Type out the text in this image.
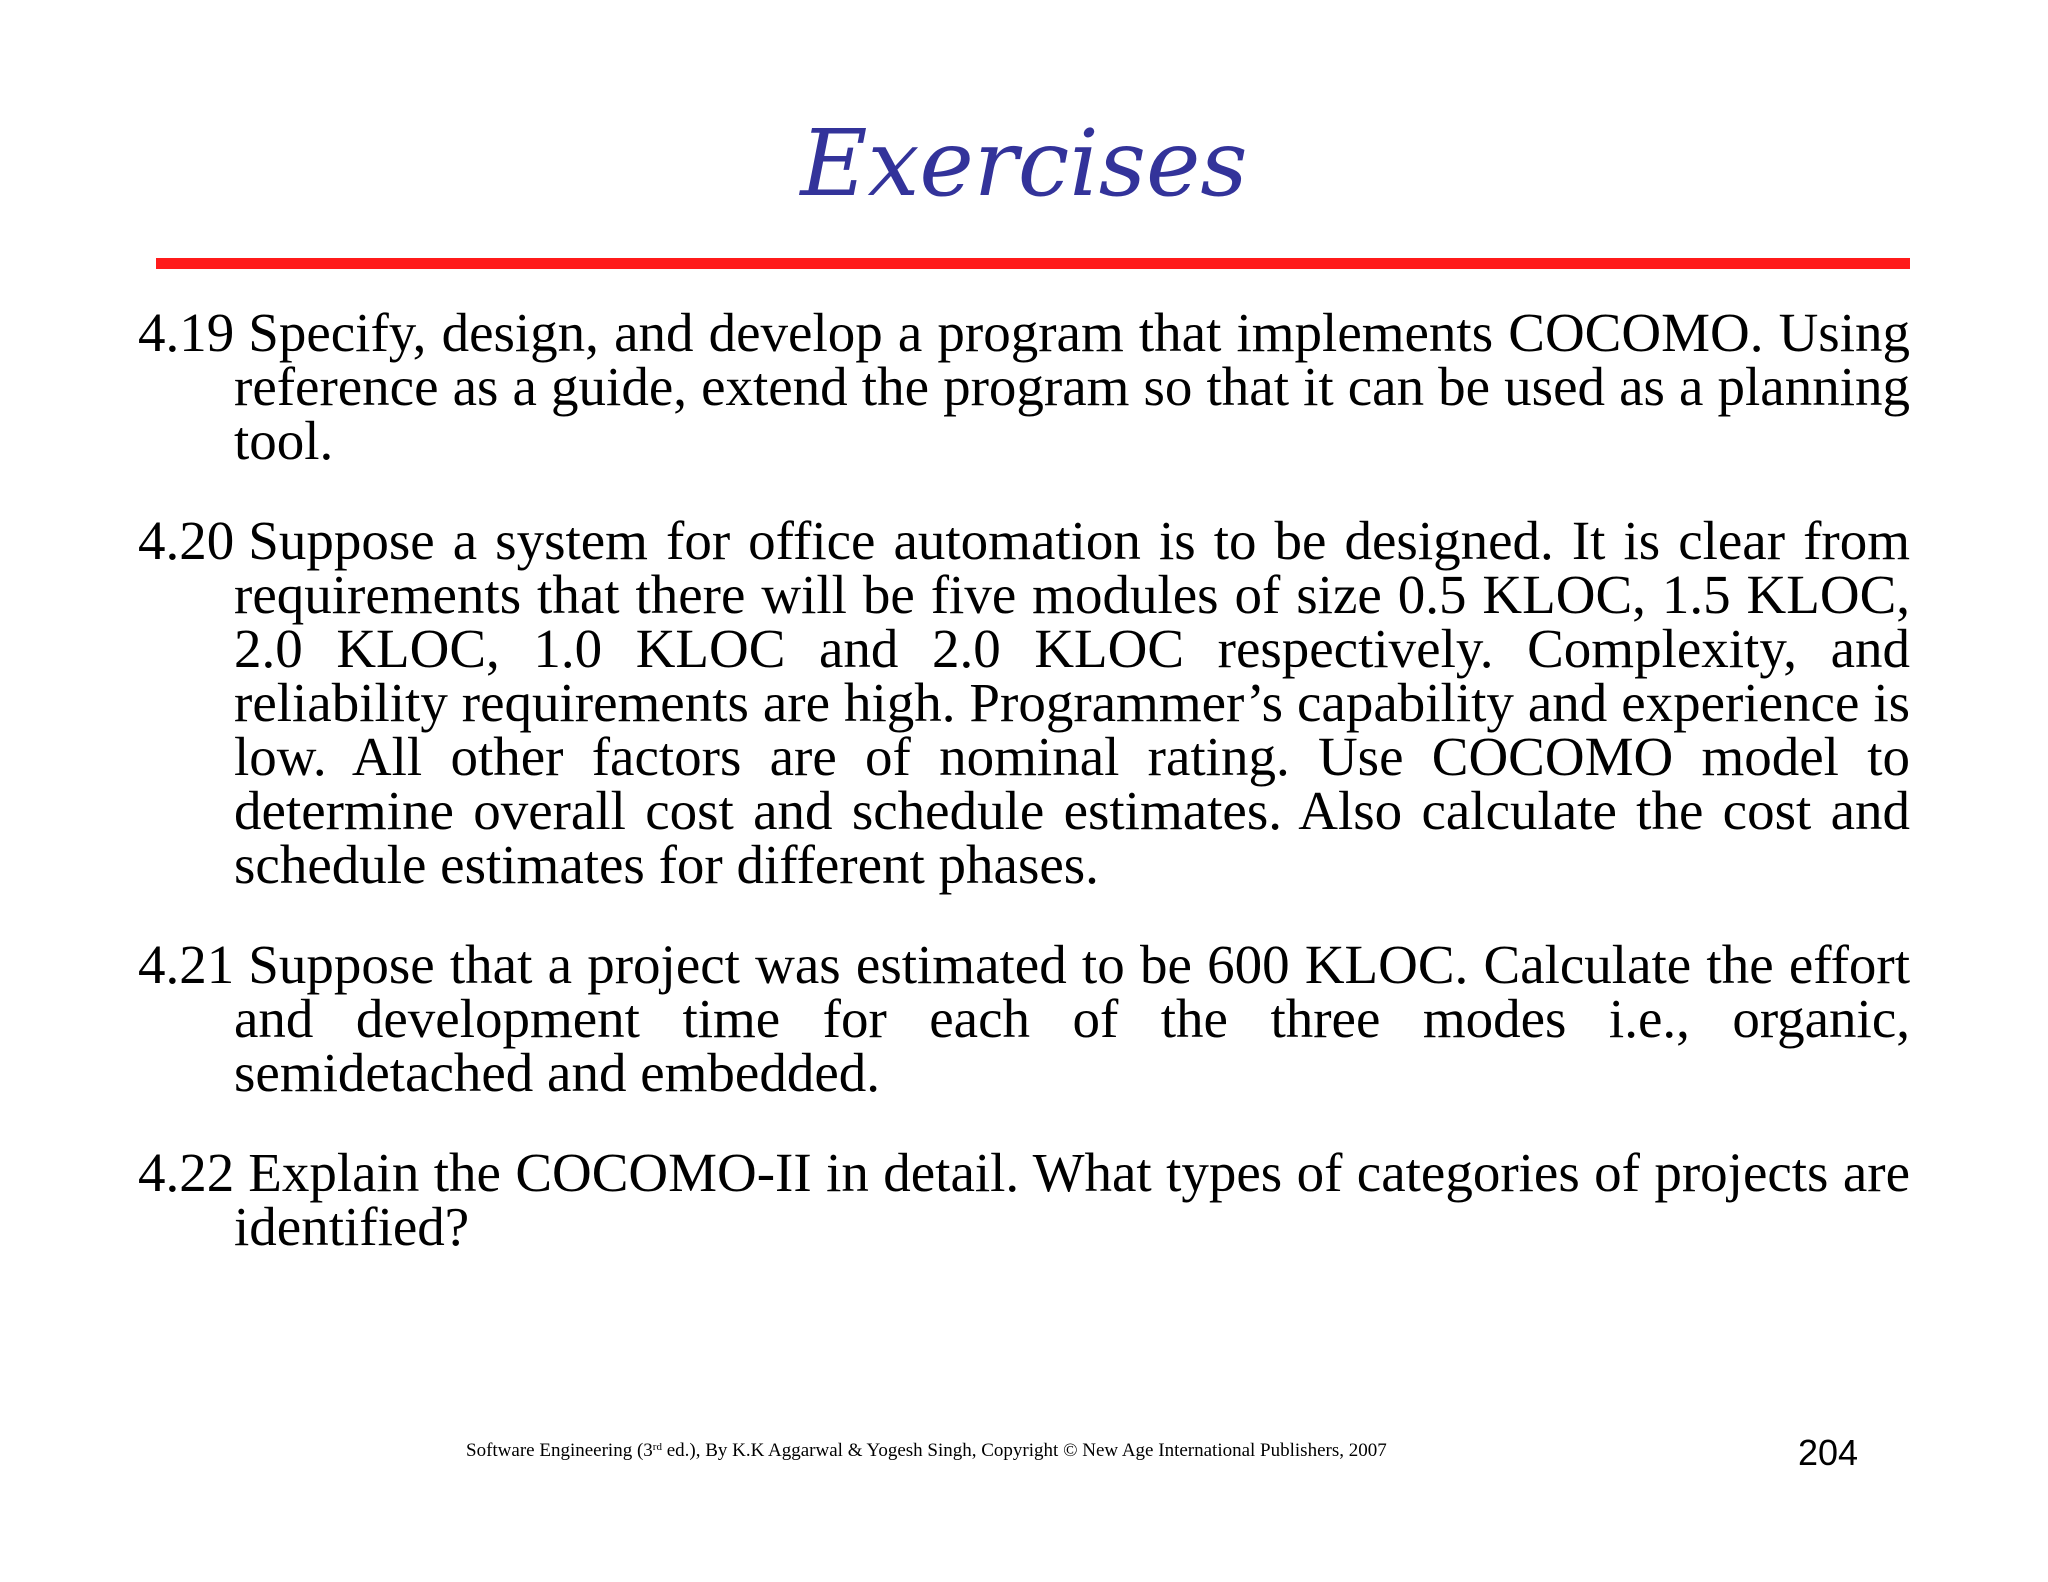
Exercises
4.19 Specify, design, and develop a program that implements COCOMO. Using reference as a guide, extend the program so that it can be used as a planning tool.
4.20 Suppose a system for office automation is to be designed. It is clear from requirements that there will be five modules of size 0.5 KLOC, 1.5 KLOC, 2.0 KLOC, 1.0 KLOC and 2.0 KLOC respectively. Complexity, and reliability requirements are high. Programmer’s capability and experience is low. All other factors are of nominal rating. Use COCOMO model to determine overall cost and schedule estimates. Also calculate the cost and schedule estimates for different phases.
4.21 Suppose that a project was estimated to be 600 KLOC. Calculate the effort and development time for each of the three modes i.e., organic, semidetached and embedded.
4.22 Explain the COCOMO-II in detail. What types of categories of projects are identified?
Software Engineering (3rd ed.), By K.K Aggarwal & Yogesh Singh, Copyright © New Age International Publishers, 2007	204
